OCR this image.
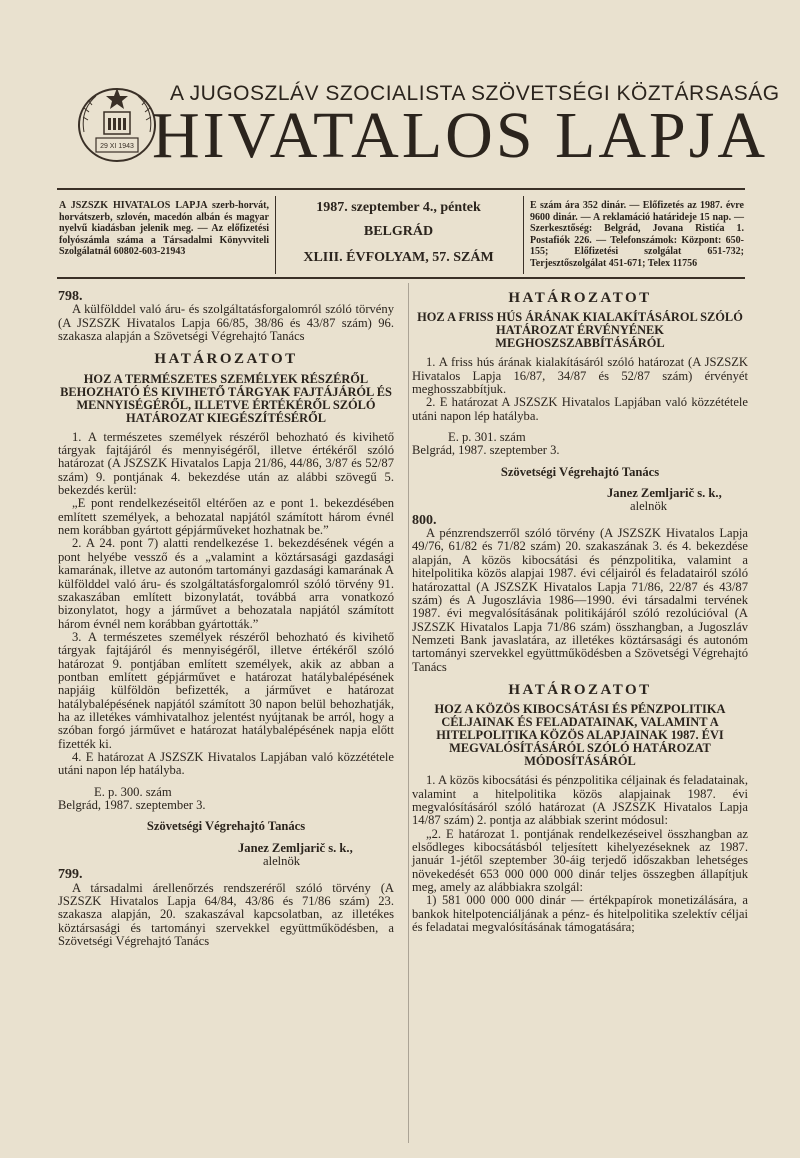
29 XI 1943
A JUGOSZLÁV SZOCIALISTA SZÖVETSÉGI KÖZTÁRSASÁG
HIVATALOS LAPJA
A JSZSZK HIVATALOS LAPJA szerb-horvát, horvátszerb, szlovén, macedón albán és magyar nyelvű kiadásban jelenik meg. — Az előfizetési folyószámla száma a Társadalmi Könyvviteli Szolgálatnál 60802-603-21943
1987. szeptember 4., péntek
BELGRÁD
XLIII. ÉVFOLYAM, 57. SZÁM
E szám ára 352 dinár. — Előfizetés az 1987. évre 9600 dinár. — A reklamáció határideje 15 nap. — Szerkesztőség: Belgrád, Jovana Ristića 1. Postafiók 226. — Telefonszámok: Központ: 650-155; Előfizetési szolgálat 651-732; Terjesztőszolgálat 451-671; Telex 11756

798.

A külfölddel való áru- és szolgáltatásforgalomról szóló törvény (A JSZSZK Hivatalos Lapja 66/85, 38/86 és 43/87 szám) 96. szakasza alapján a Szövetségi Végrehajtó Tanács

HATÁROZATOT
HOZ A TERMÉSZETES SZEMÉLYEK RÉSZÉRŐL BEHOZHATÓ ÉS KIVIHETŐ TÁRGYAK FAJTÁJÁRÓL ÉS MENNYISÉGÉRŐL, ILLETVE ÉRTÉKÉRŐL SZÓLÓ HATÁROZAT KIEGÉSZÍTÉSÉRŐL

1. A természetes személyek részéről behozható és kivihető tárgyak fajtájáról és mennyiségéről, illetve értékéről szóló határozat (A JSZSZK Hivatalos Lapja 21/86, 44/86, 3/87 és 52/87 szám) 9. pontjának 4. bekezdése után az alábbi szövegű 5. bekezdés kerül:

„E pont rendelkezéseitől eltérően az e pont 1. bekezdésében említett személyek, a behozatal napjától számított három évnél nem korábban gyártott gépjárműveket hozhatnak be.”

2. A 24. pont 7) alatti rendelkezése 1. bekezdésének végén a pont helyébe vessző és a „valamint a köztársasági gazdasági kamarának, illetve az autonóm tartományi gazdasági kamarának A külfölddel való áru- és szolgáltatásforgalomról szóló törvény 91. szakaszában említett bizonylatát, továbbá arra vonatkozó bizonylatot, hogy a járművet a behozatala napjától számított három évnél nem korábban gyártották.”

3. A természetes személyek részéről behozható és kivihető tárgyak fajtájáról és mennyiségéről, illetve értékéről szóló határozat 9. pontjában említett személyek, akik az abban a pontban említett gépjárművet e határozat hatálybalépésének napjáig külföldön befizették, a járművet e határozat hatálybalépésének napjától számított 30 napon belül behozhatják, ha az illetékes vámhivatalhoz jelentést nyújtanak be arról, hogy a szóban forgó járművet e határozat hatálybalépésének napja előtt fizették ki.

4. E határozat A JSZSZK Hivatalos Lapjában való közzététele utáni napon lép hatályba.

E. p. 300. szám

Belgrád, 1987. szeptember 3.

Szövetségi Végrehajtó Tanács

Janez Zemljarič s. k.,

alelnök

799.

A társadalmi árellenőrzés rendszeréről szóló törvény (A JSZSZK Hivatalos Lapja 64/84, 43/86 és 71/86 szám) 23. szakasza alapján, 20. szakaszával kapcsolatban, az illetékes köztársasági és tartományi szervekkel együttműködésben, a Szövetségi Végrehajtó Tanács

HATÁROZATOT
HOZ A FRISS HÚS ÁRÁNAK KIALAKÍTÁSÁROL SZÓLÓ HATÁROZAT ÉRVÉNYÉNEK MEGHOSZSZABBÍTÁSÁRÓL

1. A friss hús árának kialakításáról szóló határozat (A JSZSZK Hivatalos Lapja 16/87, 34/87 és 52/87 szám) érvényét meghosszabbítjuk.

2. E határozat A JSZSZK Hivatalos Lapjában való közzététele utáni napon lép hatályba.

E. p. 301. szám

Belgrád, 1987. szeptember 3.

Szövetségi Végrehajtó Tanács

Janez Zemljarič s. k.,

alelnök

800.

A pénzrendszerről szóló törvény (A JSZSZK Hivatalos Lapja 49/76, 61/82 és 71/82 szám) 20. szakaszának 3. és 4. bekezdése alapján, A közös kibocsátási és pénzpolitika, valamint a hitelpolitika közös alapjai 1987. évi céljairól és feladatairól szóló határozattal (A JSZSZK Hivatalos Lapja 71/86, 22/87 és 43/87 szám) és A Jugoszlávia 1986—1990. évi társadalmi tervének 1987. évi megvalósításának politikájáról szóló rezolúcióval (A JSZSZK Hivatalos Lapja 71/86 szám) összhangban, a Jugoszláv Nemzeti Bank javaslatára, az illetékes köztársasági és autonóm tartományi szervekkel együttműködésben a Szövetségi Végrehajtó Tanács

HATÁROZATOT
HOZ A KÖZÖS KIBOCSÁTÁSI ÉS PÉNZPOLITIKA CÉLJAINAK ÉS FELADATAINAK, VALAMINT A HITELPOLITIKA KÖZÖS ALAPJAINAK 1987. ÉVI MEGVALÓSÍTÁSÁRÓL SZÓLÓ HATÁROZAT MÓDOSÍTÁSÁRÓL

1. A közös kibocsátási és pénzpolitika céljainak és feladatainak, valamint a hitelpolitika közös alapjainak 1987. évi megvalósításáról szóló határozat (A JSZSZK Hivatalos Lapja 14/87 szám) 2. pontja az alábbiak szerint módosul:

„2. E határozat 1. pontjának rendelkezéseivel összhangban az elsődleges kibocsátásból teljesített kihelyezéseknek az 1987. január 1-jétől szeptember 30-áig terjedő időszakban lehetséges növekedését 653 000 000 000 dinár teljes összegben állapítjuk meg, amely az alábbiakra szolgál:

1) 581 000 000 000 dinár — értékpapírok monetizálására, a bankok hitelpotenciáljának a pénz- és hitelpolitika szelektív céljai és feladatai megvalósításának támogatására;
